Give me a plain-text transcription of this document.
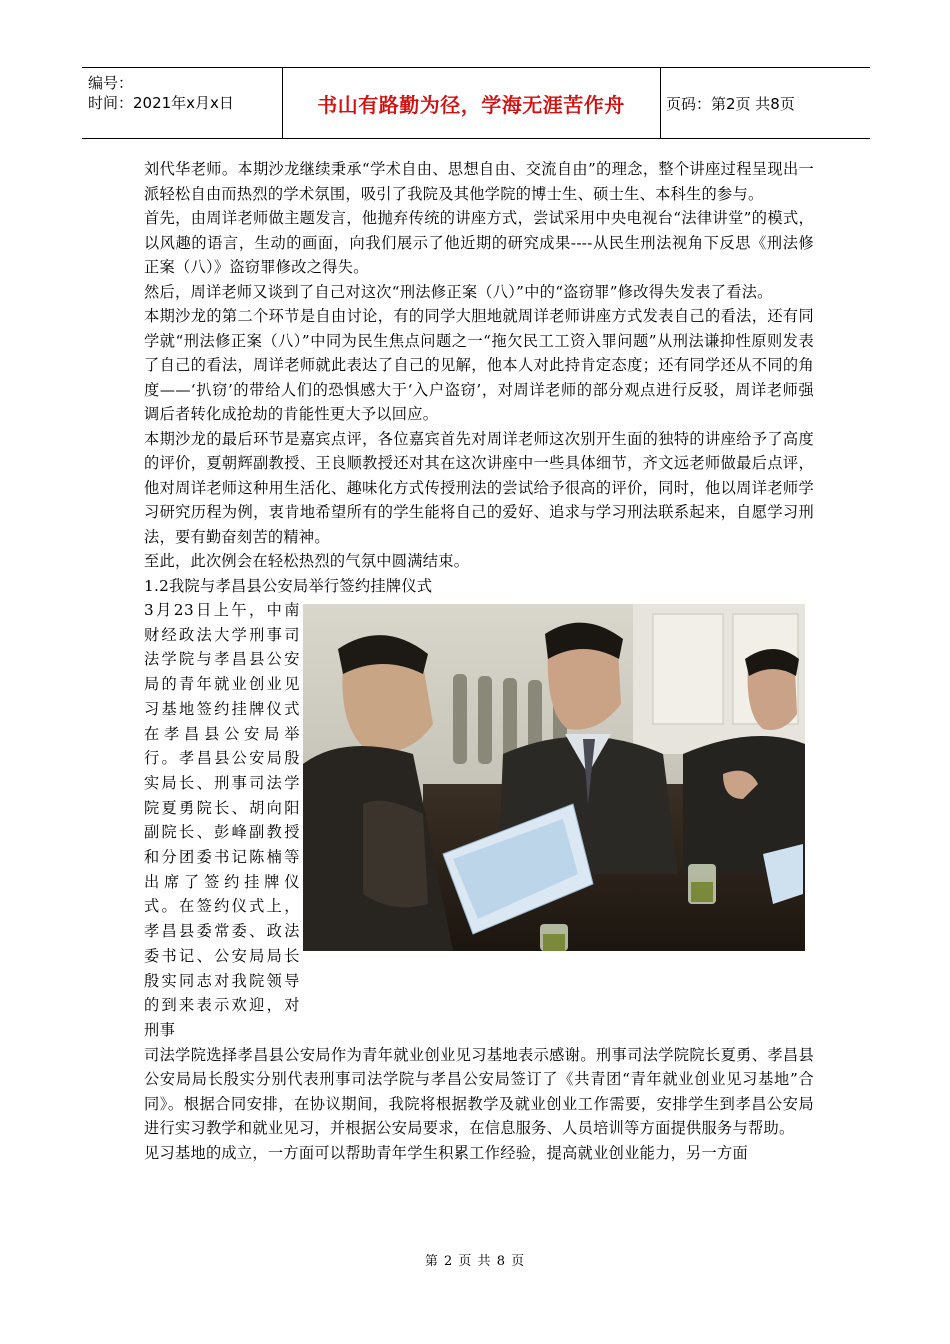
编号：
时间：2021年x月x日	书山有路勤为径，学海无涯苦作舟	页码：第2页 共8页

刘代华老师。本期沙龙继续秉承“学术自由、思想自由、交流自由”的理念，整个讲座过程呈现出一派轻松自由而热烈的学术氛围，吸引了我院及其他学院的博士生、硕士生、本科生的参与。

首先，由周详老师做主题发言，他抛弃传统的讲座方式，尝试采用中央电视台“法律讲堂”的模式，以风趣的语言，生动的画面，向我们展示了他近期的研究成果----从民生刑法视角下反思《刑法修正案（八）》盗窃罪修改之得失。

然后，周详老师又谈到了自己对这次“刑法修正案（八）”中的“盗窃罪”修改得失发表了看法。

本期沙龙的第二个环节是自由讨论，有的同学大胆地就周详老师讲座方式发表自己的看法，还有同学就“刑法修正案（八）”中同为民生焦点问题之一“拖欠民工工资入罪问题”从刑法谦抑性原则发表了自己的看法，周详老师就此表达了自己的见解，他本人对此持肯定态度；还有同学还从不同的角度——‘扒窃’的带给人们的恐惧感大于‘入户盗窃’，对周详老师的部分观点进行反驳，周详老师强调后者转化成抢劫的肯能性更大予以回应。

本期沙龙的最后环节是嘉宾点评，各位嘉宾首先对周详老师这次别开生面的独特的讲座给予了高度的评价，夏朝辉副教授、王良顺教授还对其在这次讲座中一些具体细节，齐文远老师做最后点评，他对周详老师这种用生活化、趣味化方式传授刑法的尝试给予很高的评价，同时，他以周详老师学习研究历程为例，衷肯地希望所有的学生能将自己的爱好、追求与学习刑法联系起来，自愿学习刑法，要有勤奋刻苦的精神。

至此，此次例会在轻松热烈的气氛中圆满结束。

1.2我院与孝昌县公安局举行签约挂牌仪式

3月23日上午，中南财经政法大学刑事司法学院与孝昌县公安局的青年就业创业见习基地签约挂牌仪式在孝昌县公安局举行。孝昌县公安局殷实局长、刑事司法学院夏勇院长、胡向阳副院长、彭峰副教授和分团委书记陈楠等出席了签约挂牌仪式。在签约仪式上，孝昌县委常委、政法委书记、公安局局长殷实同志对我院领导的到来表示欢迎，对刑事

司法学院选择孝昌县公安局作为青年就业创业见习基地表示感谢。刑事司法学院院长夏勇、孝昌县公安局局长殷实分别代表刑事司法学院与孝昌公安局签订了《共青团“青年就业创业见习基地”合同》。根据合同安排，在协议期间，我院将根据教学及就业创业工作需要，安排学生到孝昌公安局进行实习教学和就业见习，并根据公安局要求，在信息服务、人员培训等方面提供服务与帮助。

见习基地的成立，一方面可以帮助青年学生积累工作经验，提高就业创业能力，另一方面

第 2 页 共 8 页
